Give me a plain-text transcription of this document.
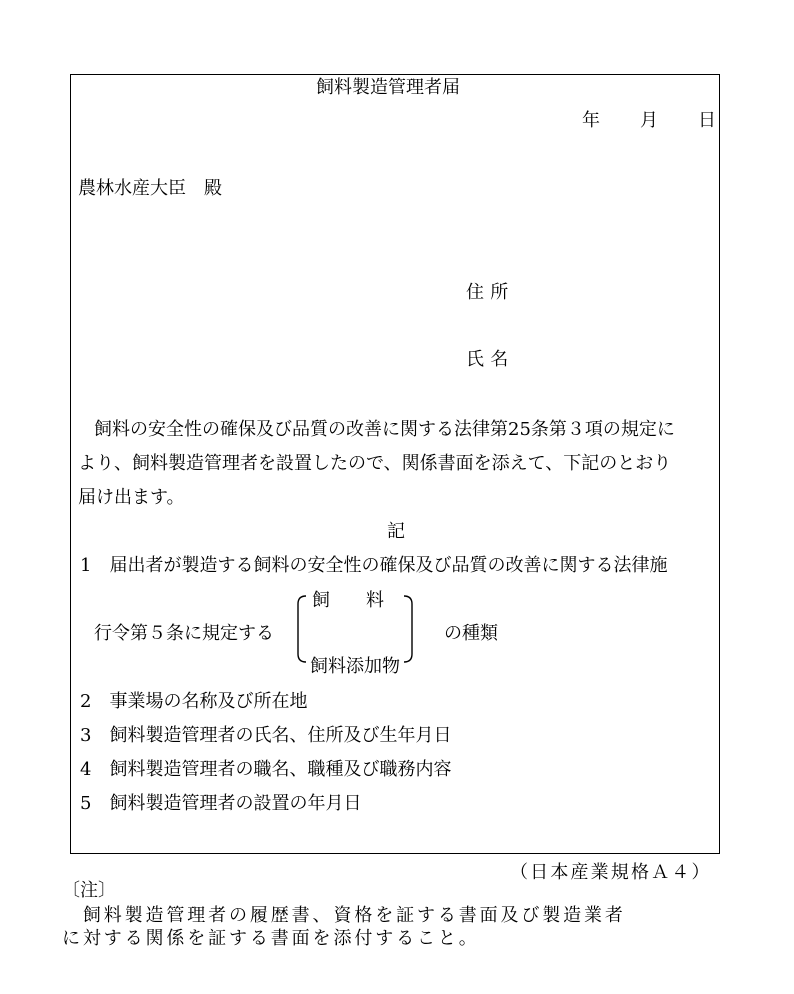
飼料製造管理者届
年 月 日
農林水産大臣　殿
住所
氏名
飼料の安全性の確保及び品質の改善に関する法律第25条第３項の規定に
より、飼料製造管理者を設置したので、関係書面を添えて、下記のとおり
届け出ます。
記
1　届出者が製造する飼料の安全性の確保及び品質の改善に関する法律施
行令第５条に規定する
飼　　料
飼料添加物
の種類
2　事業場の名称及び所在地
3　飼料製造管理者の氏名、住所及び生年月日
4　飼料製造管理者の職名、職種及び職務内容
5　飼料製造管理者の設置の年月日
（日本産業規格Ａ４）
〔注〕
　飼料製造管理者の履歴書、資格を証する書面及び製造業者
に対する関係を証する書面を添付すること。
